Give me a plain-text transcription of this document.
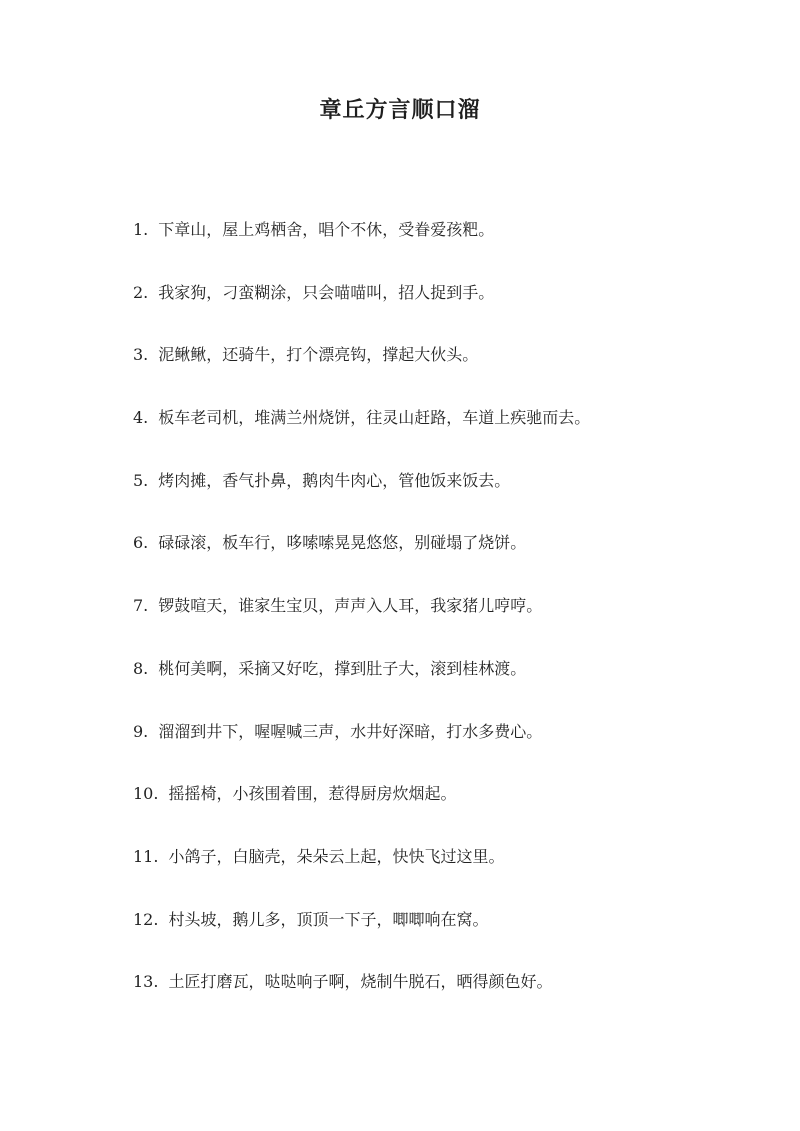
章丘方言顺口溜
1. 下章山，屋上鸡栖舍，唱个不休，受眷爱孩粑。
2. 我家狗，刁蛮糊涂，只会喵喵叫，招人捉到手。
3. 泥鳅鳅，还骑牛，打个漂亮钩，撑起大伙头。
4. 板车老司机，堆满兰州烧饼，往灵山赶路，车道上疾驰而去。
5. 烤肉摊，香气扑鼻，鹅肉牛肉心，管他饭来饭去。
6. 碌碌滚，板车行，哆嗦嗦晃晃悠悠，别碰塌了烧饼。
7. 锣鼓喧天，谁家生宝贝，声声入人耳，我家猪儿哼哼。
8. 桃何美啊，采摘又好吃，撑到肚子大，滚到桂林渡。
9. 溜溜到井下，喔喔喊三声，水井好深暗，打水多费心。
10. 摇摇椅，小孩围着围，惹得厨房炊烟起。
11. 小鸽子，白脑壳，朵朵云上起，快快飞过这里。
12. 村头坡，鹅儿多，顶顶一下子，唧唧响在窝。
13. 土匠打磨瓦，哒哒响子啊，烧制牛脱石，晒得颜色好。
